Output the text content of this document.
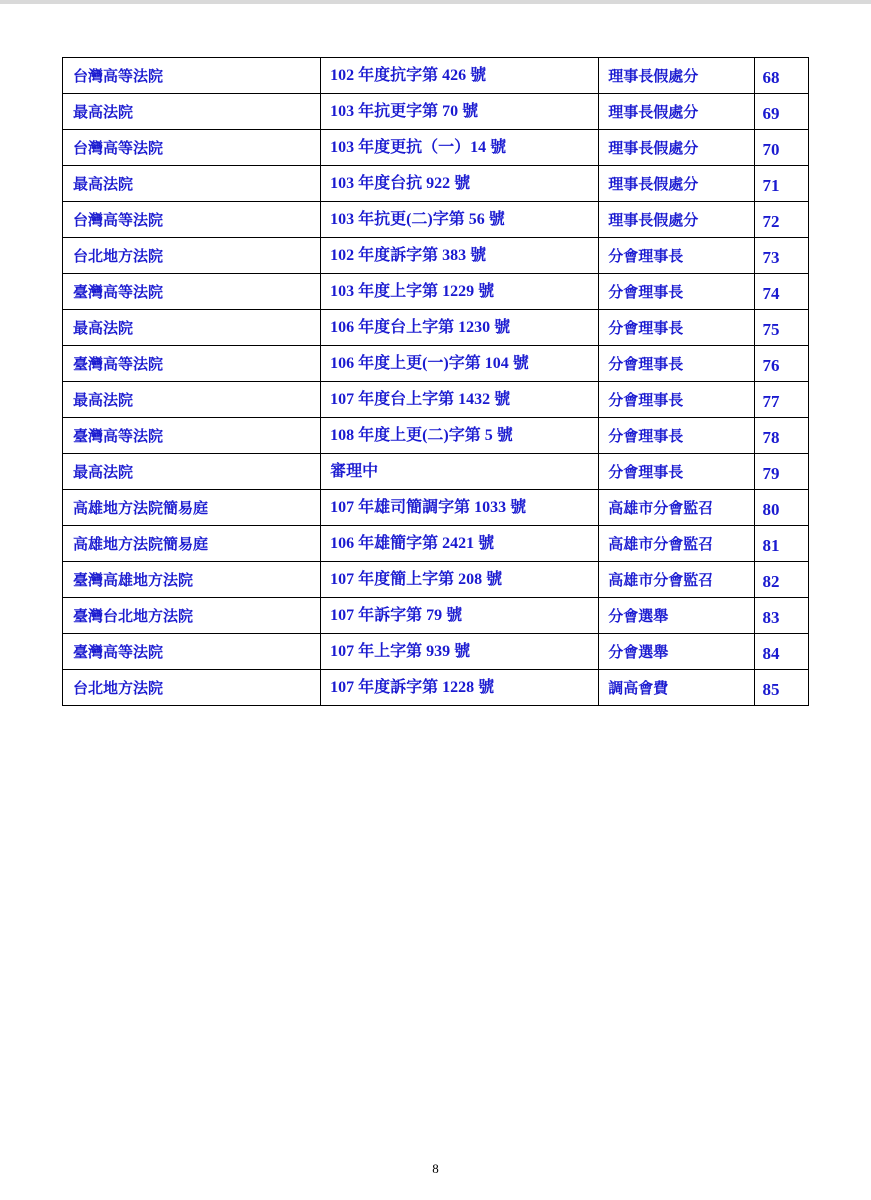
台灣高等法院	102 年度抗字第 426 號	理事長假處分	68
最高法院	103 年抗更字第 70 號	理事長假處分	69
台灣高等法院	103 年度更抗（一）14 號	理事長假處分	70
最高法院	103 年度台抗 922 號	理事長假處分	71
台灣高等法院	103 年抗更(二)字第 56 號	理事長假處分	72
台北地方法院	102 年度訴字第 383 號	分會理事長	73
臺灣高等法院	103 年度上字第 1229 號	分會理事長	74
最高法院	106 年度台上字第 1230 號	分會理事長	75
臺灣高等法院	106 年度上更(一)字第 104 號	分會理事長	76
最高法院	107 年度台上字第 1432 號	分會理事長	77
臺灣高等法院	108 年度上更(二)字第 5 號	分會理事長	78
最高法院	審理中	分會理事長	79
高雄地方法院簡易庭	107 年雄司簡調字第 1033 號	高雄市分會監召	80
高雄地方法院簡易庭	106 年雄簡字第 2421 號	高雄市分會監召	81
臺灣高雄地方法院	107 年度簡上字第 208 號	高雄市分會監召	82
臺灣台北地方法院	107 年訴字第 79 號	分會選舉	83
臺灣高等法院	107 年上字第 939 號	分會選舉	84
台北地方法院	107 年度訴字第 1228 號	調高會費	85
8
